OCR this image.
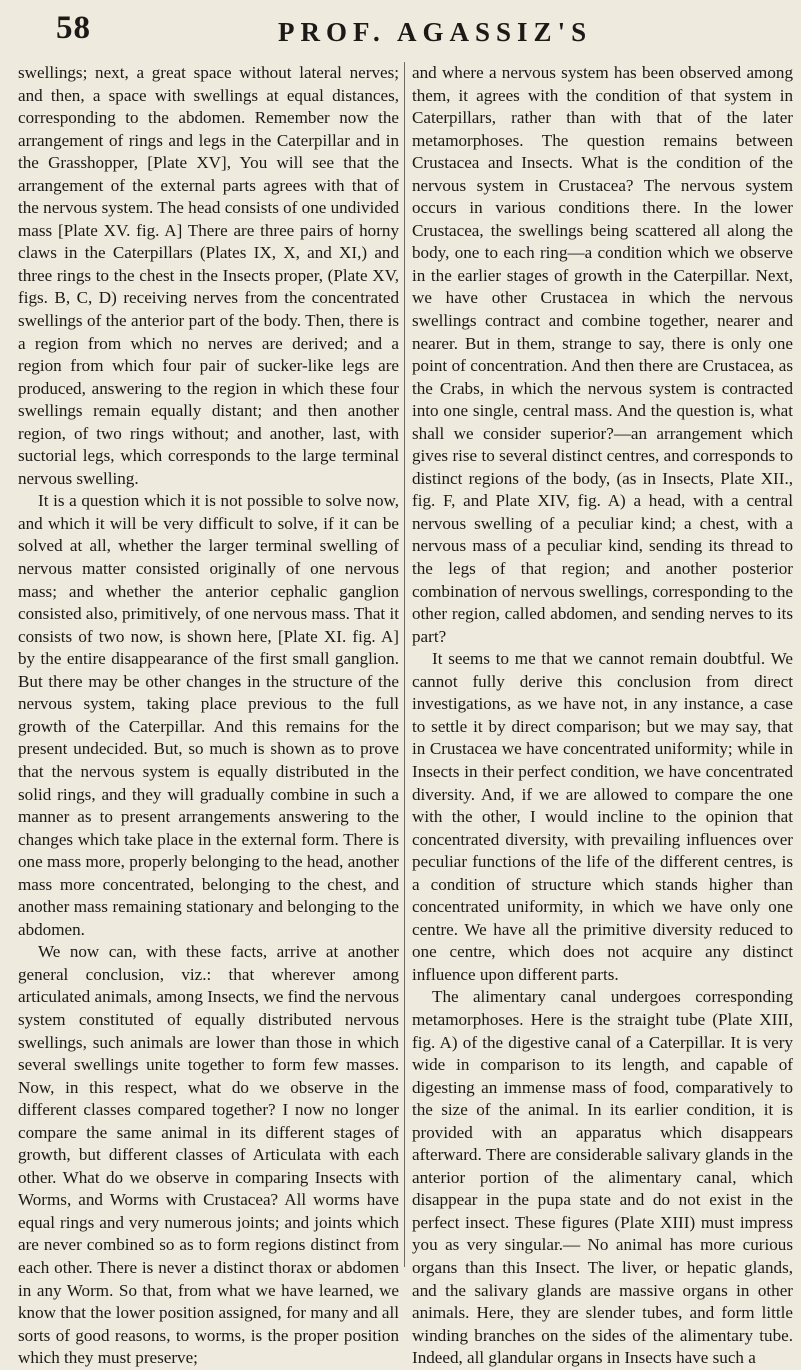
58	PROF. AGASSIZ'S

swellings; next, a great space without lateral nerves; and then, a space with swellings at equal distances, corresponding to the abdomen. Remember now the arrangement of rings and legs in the Caterpillar and in the Grasshopper, [Plate XV], You will see that the arrangement of the external parts agrees with that of the nervous system. The head consists of one undivided mass [Plate XV. fig. A] There are three pairs of horny claws in the Caterpillars (Plates IX, X, and XI,) and three rings to the chest in the Insects proper, (Plate XV, figs. B, C, D) receiving nerves from the concentrated swellings of the anterior part of the body. Then, there is a region from which no nerves are derived; and a region from which four pair of sucker-like legs are produced, answering to the region in which these four swellings remain equally distant; and then another region, of two rings without; and another, last, with suctorial legs, which corresponds to the large terminal nervous swelling.

It is a question which it is not possible to solve now, and which it will be very difficult to solve, if it can be solved at all, whether the larger terminal swelling of nervous matter consisted originally of one nervous mass; and whether the anterior cephalic ganglion consisted also, primitively, of one nervous mass. That it consists of two now, is shown here, [Plate XI. fig. A] by the entire disappearance of the first small ganglion. But there may be other changes in the structure of the nervous system, taking place previous to the full growth of the Caterpillar. And this remains for the present undecided. But, so much is shown as to prove that the nervous system is equally distributed in the solid rings, and they will gradually combine in such a manner as to present arrangements answering to the changes which take place in the external form. There is one mass more, properly belonging to the head, another mass more concentrated, belonging to the chest, and another mass remaining stationary and belonging to the abdomen.

We now can, with these facts, arrive at another general conclusion, viz.: that wherever among articulated animals, among Insects, we find the nervous system constituted of equally distributed nervous swellings, such animals are lower than those in which several swellings unite together to form few masses. Now, in this respect, what do we observe in the different classes compared together? I now no longer compare the same animal in its different stages of growth, but different classes of Articulata with each other. What do we observe in comparing Insects with Worms, and Worms with Crustacea? All worms have equal rings and very numerous joints; and joints which are never combined so as to form regions distinct from each other. There is never a distinct thorax or abdomen in any Worm. So that, from what we have learned, we know that the lower position assigned, for many and all sorts of good reasons, to worms, is the proper position which they must preserve;

and where a nervous system has been observed among them, it agrees with the condition of that system in Caterpillars, rather than with that of the later metamorphoses. The question remains between Crustacea and Insects. What is the condition of the nervous system in Crustacea? The nervous system occurs in various conditions there. In the lower Crustacea, the swellings being scattered all along the body, one to each ring—a condition which we observe in the earlier stages of growth in the Caterpillar. Next, we have other Crustacea in which the nervous swellings contract and combine together, nearer and nearer. But in them, strange to say, there is only one point of concentration. And then there are Crustacea, as the Crabs, in which the nervous system is contracted into one single, central mass. And the question is, what shall we consider superior?—an arrangement which gives rise to several distinct centres, and corresponds to distinct regions of the body, (as in Insects, Plate XII., fig. F, and Plate XIV, fig. A) a head, with a central nervous swelling of a peculiar kind; a chest, with a nervous mass of a peculiar kind, sending its thread to the legs of that region; and another posterior combination of nervous swellings, corresponding to the other region, called abdomen, and sending nerves to its part?

It seems to me that we cannot remain doubtful. We cannot fully derive this conclusion from direct investigations, as we have not, in any instance, a case to settle it by direct comparison; but we may say, that in Crustacea we have concentrated uniformity; while in Insects in their perfect condition, we have concentrated diversity. And, if we are allowed to compare the one with the other, I would incline to the opinion that concentrated diversity, with prevailing influences over peculiar functions of the life of the different centres, is a condition of structure which stands higher than concentrated uniformity, in which we have only one centre. We have all the primitive diversity reduced to one centre, which does not acquire any distinct influence upon different parts.

The alimentary canal undergoes corresponding metamorphoses. Here is the straight tube (Plate XIII, fig. A) of the digestive canal of a Caterpillar. It is very wide in comparison to its length, and capable of digesting an immense mass of food, comparatively to the size of the animal. In its earlier condition, it is provided with an apparatus which disappears afterward. There are considerable salivary glands in the anterior portion of the alimentary canal, which disappear in the pupa state and do not exist in the perfect insect. These figures (Plate XIII) must impress you as very singular.— No animal has more curious organs than this Insect. The liver, or hepatic glands, and the salivary glands are massive organs in other animals. Here, they are slender tubes, and form little winding branches on the sides of the alimentary tube. Indeed, all glandular organs in Insects have such a
